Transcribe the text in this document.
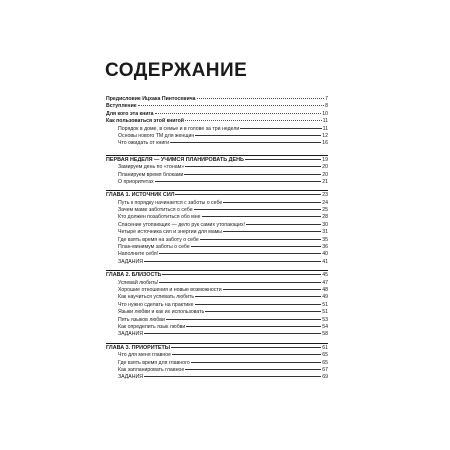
СОДЕРЖАНИЕ
Предисловие Ицхака Пинтосевича	7
Вступление	8
Для кого эта книга	10
Как пользоваться этой книгой	11
Порядок в доме, в семье и в голове за три недели	11
Основы нового ТМ для женщин	12
Что ожидать от книги	16
ПЕРВАЯ НЕДЕЛЯ — УЧИМСЯ ПЛАНИРОВАТЬ ДЕНЬ	19
Замируем день по «тонам»	20
Планируем время блоками	20
О приоритетах	21
ГЛАВА 1. ИСТОЧНИК СИЛ	23
Путь к порядку начинается с заботы о себе	24
Зачем маме заботиться о себе	25
Кто должен позаботиться обо мне	28
Спасение утопающих — дело рук самих утопающих!	30
Четыре источника сил и энергии для мамы	31
Где взять время на заботу о себе	35
План-минимум заботы о себе	36
Наполните себя!	40
ЗАДАНИЯ	41
ГЛАВА 2. БЛИЗОСТЬ	45
Успевай любить!	47
Хорошие отношения и новые возможности	48
Как научиться успевать любить	49
Что нужно сделать на практике	51
Языки любви и как их использовать	51
Пять языков любви	53
Как определить язык любви	54
ЗАДАНИЯ	58
ГЛАВА 3. ПРИОРИТЕТЫ	61
Что для меня главное	65
Где взять время для главного	65
Как запланировать главное	67
ЗАДАНИЯ	69
